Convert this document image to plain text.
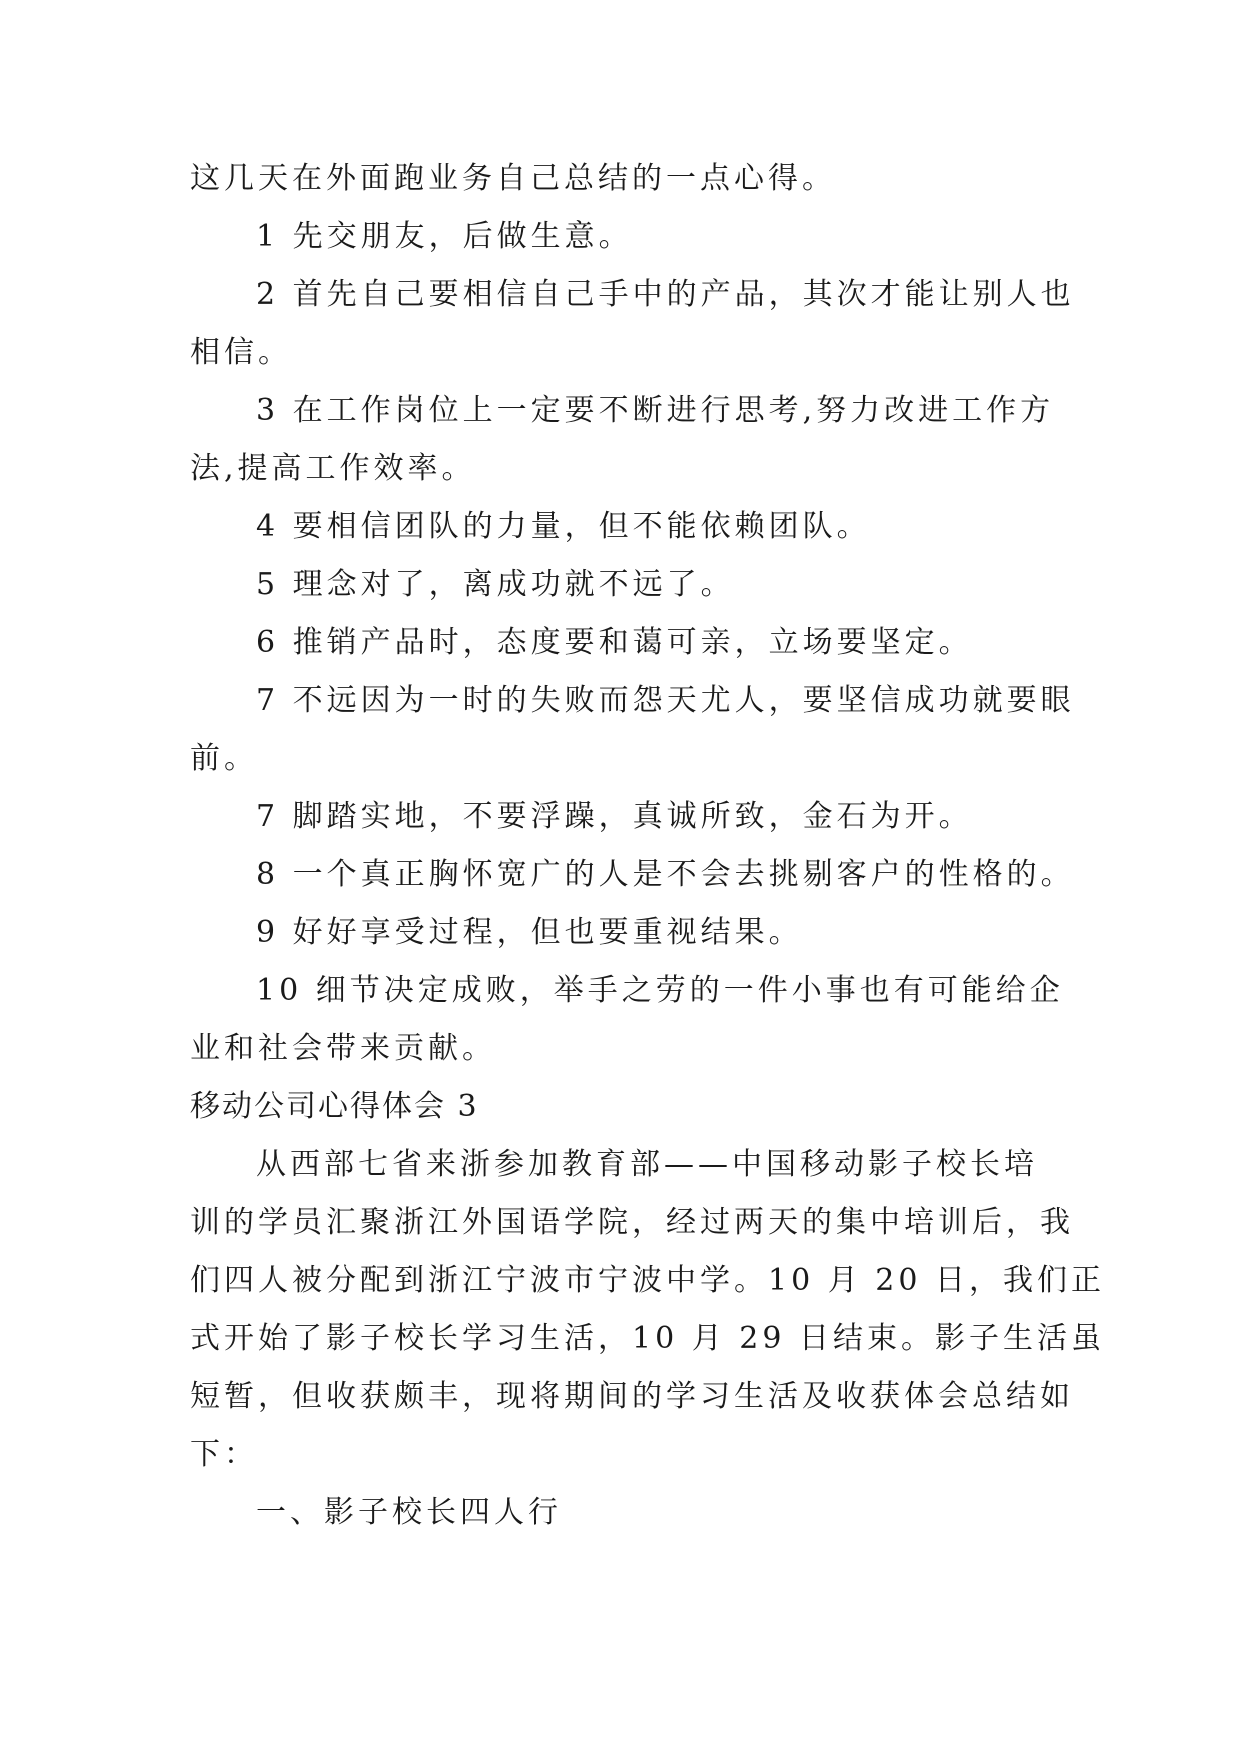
这几天在外面跑业务自己总结的一点心得。
1 先交朋友，后做生意。
2 首先自己要相信自己手中的产品，其次才能让别人也
相信。
3 在工作岗位上一定要不断进行思考,努力改进工作方
法,提高工作效率。
4 要相信团队的力量，但不能依赖团队。
5 理念对了，离成功就不远了。
6 推销产品时，态度要和蔼可亲，立场要坚定。
7 不远因为一时的失败而怨天尤人，要坚信成功就要眼
前。
7 脚踏实地，不要浮躁，真诚所致，金石为开。
8 一个真正胸怀宽广的人是不会去挑剔客户的性格的。
9 好好享受过程，但也要重视结果。
10 细节决定成败，举手之劳的一件小事也有可能给企
业和社会带来贡献。
移动公司心得体会 3
从西部七省来浙参加教育部——中国移动影子校长培
训的学员汇聚浙江外国语学院，经过两天的集中培训后，我
们四人被分配到浙江宁波市宁波中学。10 月 20 日，我们正
式开始了影子校长学习生活，10 月 29 日结束。影子生活虽
短暂，但收获颇丰，现将期间的学习生活及收获体会总结如
下：
一、影子校长四人行
